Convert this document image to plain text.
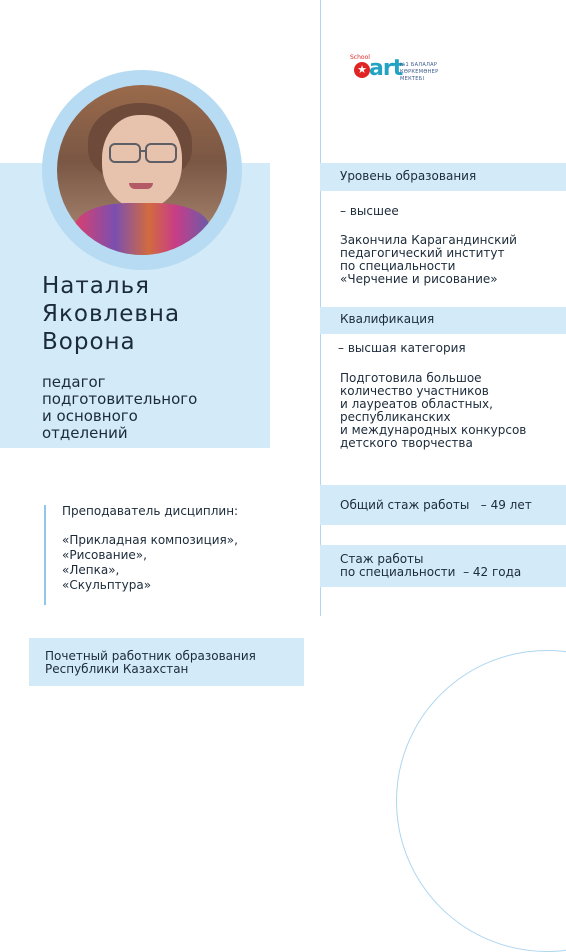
Наталья
Яковлевна
Ворона
педагог
подготовительного
и основного
отделений
Преподаватель дисциплин:
«Прикладная композиция»,
«Рисование»,
«Лепка»,
«Скульптура»
Почетный работник образования
Республики Казахстан
School
★ art
№1 БАЛАЛАР
КӨРКЕМӨНЕР
МЕКТЕБІ
Уровень образования
– высшее
Закончила Карагандинский
педагогический институт
по специальности
«Черчение и рисование»
Квалификация
– высшая категория
Подготовила большое
количество участников
и лауреатов областных,
республиканских
и международных конкурсов
детского творчества
Общий стаж работы   – 49 лет
Стаж работы
по специальности  – 42 года
